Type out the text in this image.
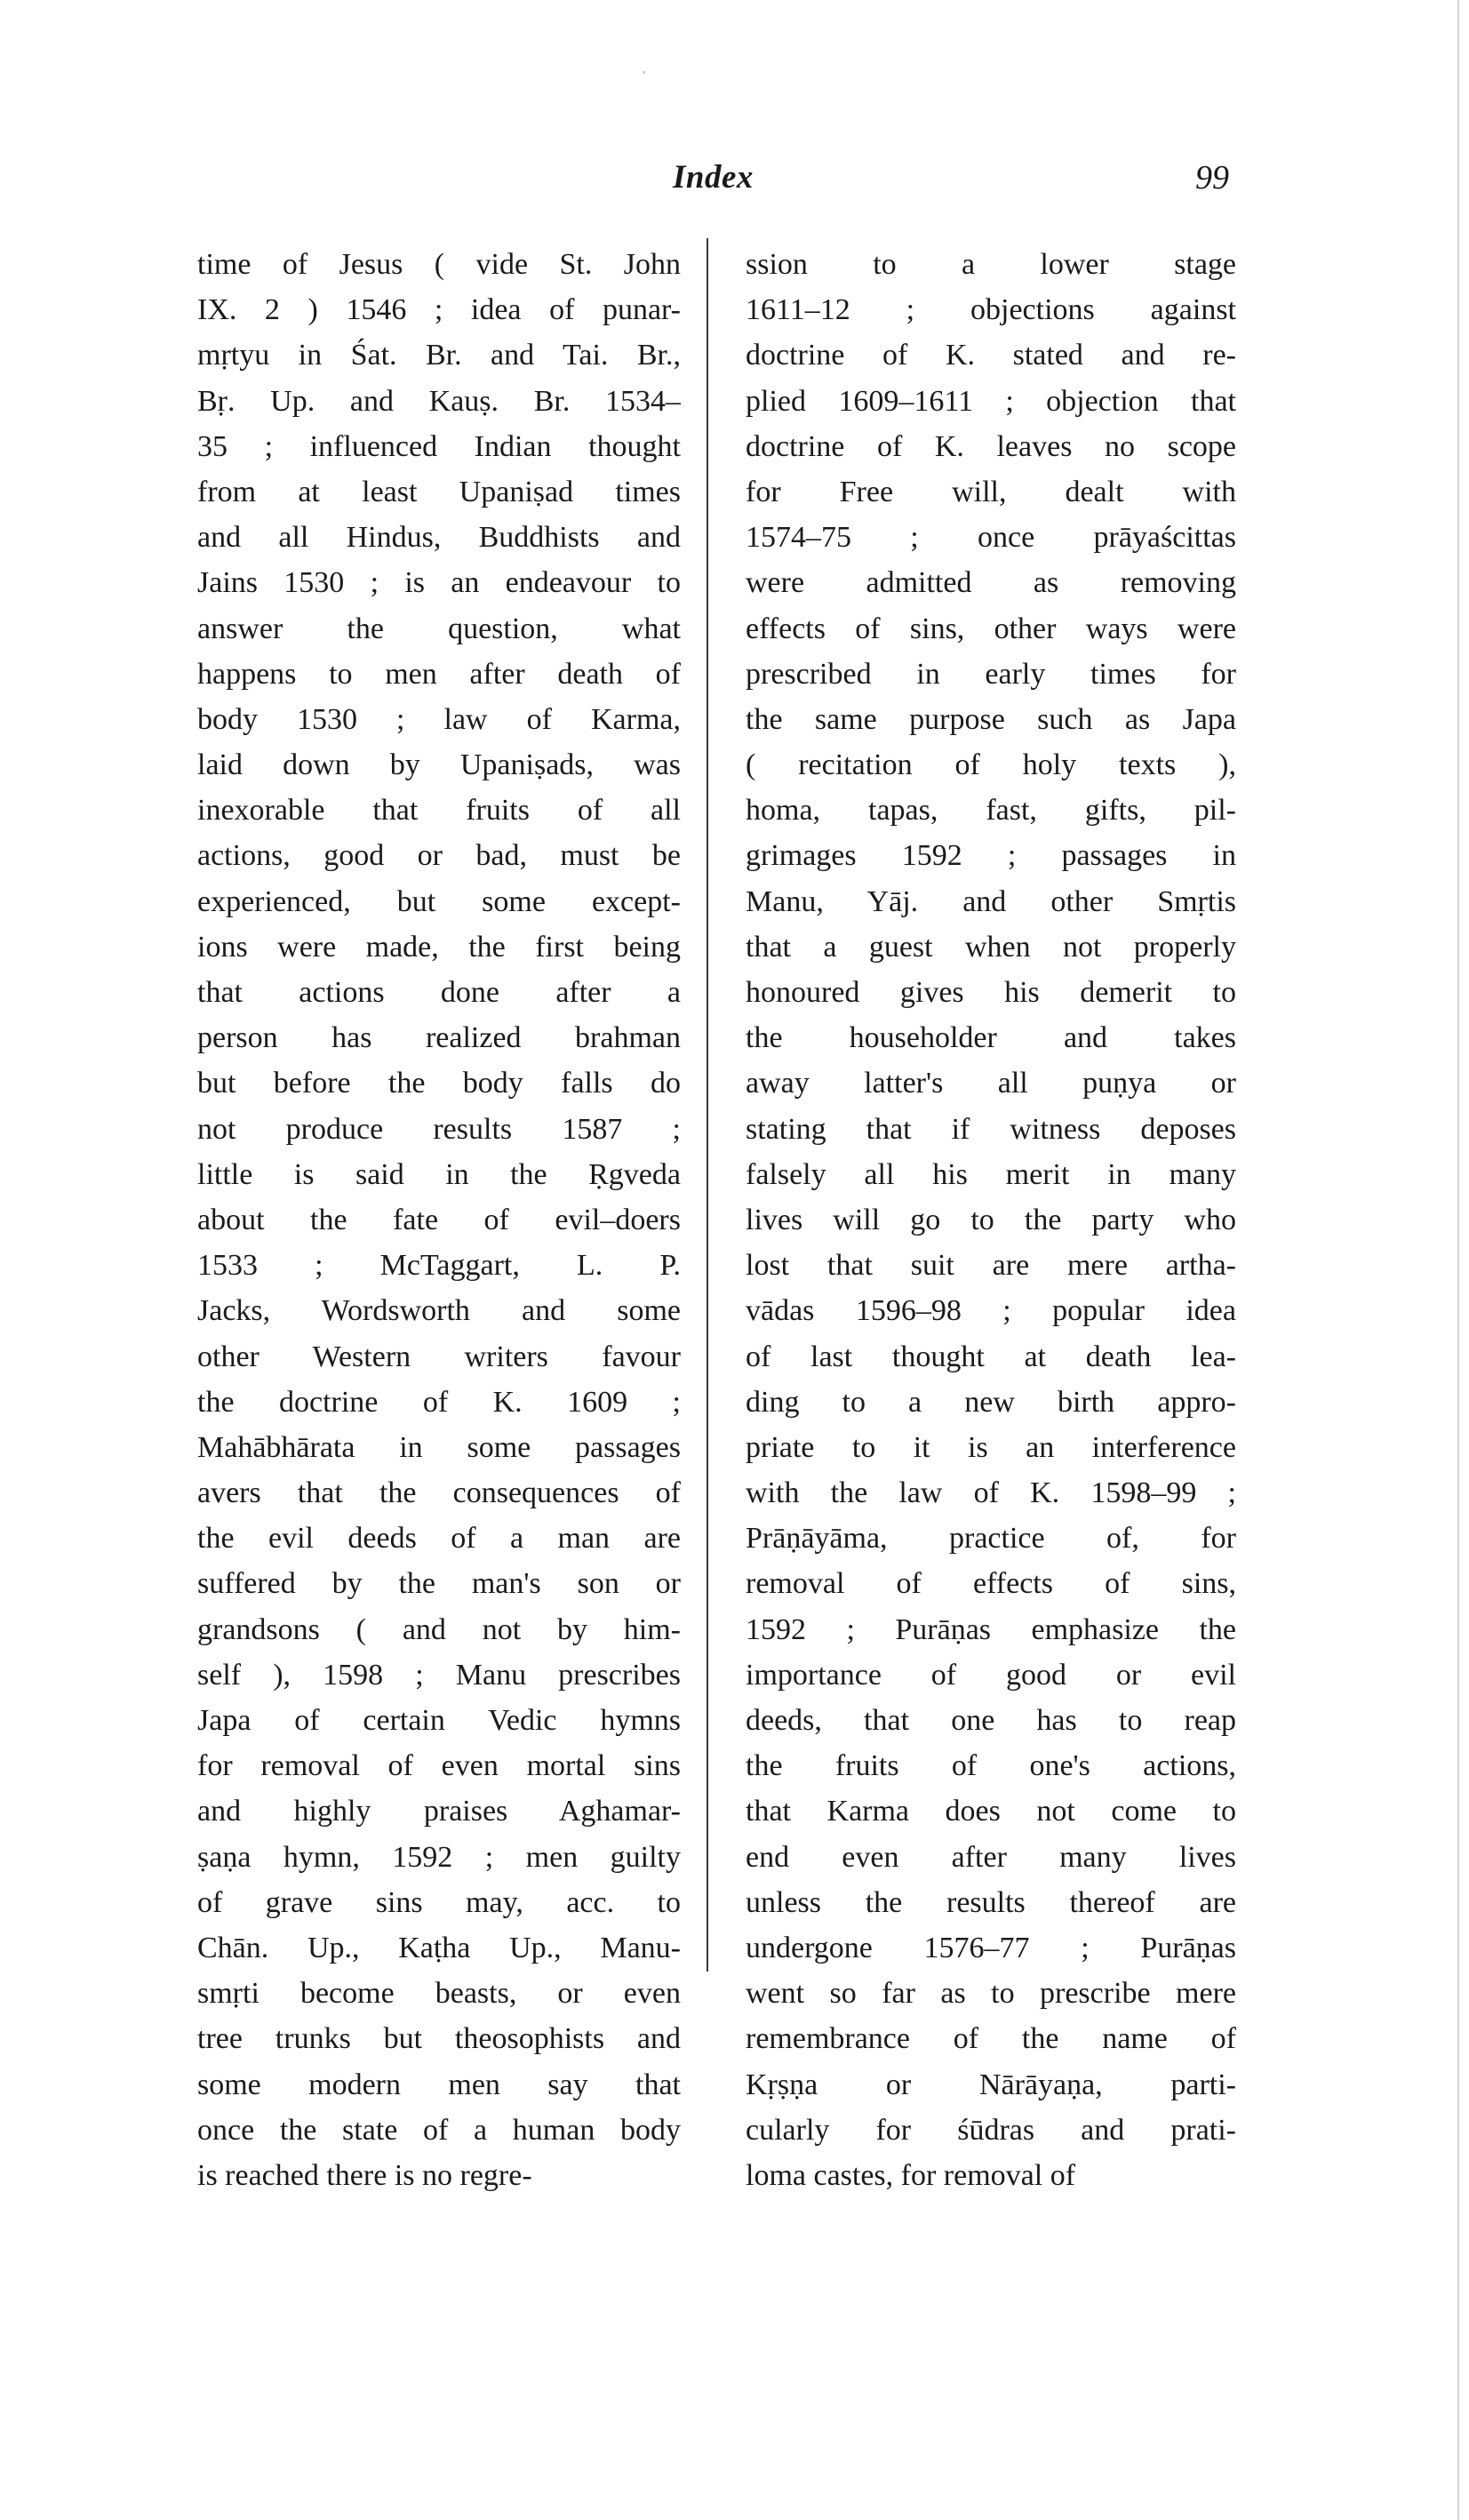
Index	99
time of Jesus ( vide St. John
IX. 2 ) 1546 ; idea of punar-
mṛtyu in Śat. Br. and Tai. Br.,
Bṛ. Up. and Kauṣ. Br. 1534–
35 ; influenced Indian thought
from at least Upaniṣad times
and all Hindus, Buddhists and
Jains 1530 ; is an endeavour to
answer the question, what
happens to men after death of
body 1530 ; law of Karma,
laid down by Upaniṣads, was
inexorable that fruits of all
actions, good or bad, must be
experienced, but some except-
ions were made, the first being
that actions done after a
person has realized brahman
but before the body falls do
not produce results 1587 ;
little is said in the Ṛgveda
about the fate of evil–doers
1533 ; McTaggart, L. P.
Jacks, Wordsworth and some
other Western writers favour
the doctrine of K. 1609 ;
Mahābhārata in some passages
avers that the consequences of
the evil deeds of a man are
suffered by the man's son or
grandsons ( and not by him-
self ), 1598 ; Manu prescribes
Japa of certain Vedic hymns
for removal of even mortal sins
and highly praises Aghamar-
ṣaṇa hymn, 1592 ; men guilty
of grave sins may, acc. to
Chān. Up., Kaṭha Up., Manu-
smṛti become beasts, or even
tree trunks but theosophists and
some modern men say that
once the state of a human body
is reached there is no regre-
ssion to a lower stage
1611–12 ; objections against
doctrine of K. stated and re-
plied 1609–1611 ; objection that
doctrine of K. leaves no scope
for Free will, dealt with
1574–75 ; once prāyaścittas
were admitted as removing
effects of sins, other ways were
prescribed in early times for
the same purpose such as Japa
( recitation of holy texts ),
homa, tapas, fast, gifts, pil-
grimages 1592 ; passages in
Manu, Yāj. and other Smṛtis
that a guest when not properly
honoured gives his demerit to
the householder and takes
away latter's all puṇya or
stating that if witness deposes
falsely all his merit in many
lives will go to the party who
lost that suit are mere artha-
vādas 1596–98 ; popular idea
of last thought at death lea-
ding to a new birth appro-
priate to it is an interference
with the law of K. 1598–99 ;
Prāṇāyāma, practice of, for
removal of effects of sins,
1592 ; Purāṇas emphasize the
importance of good or evil
deeds, that one has to reap
the fruits of one's actions,
that Karma does not come to
end even after many lives
unless the results thereof are
undergone 1576–77 ; Purāṇas
went so far as to prescribe mere
remembrance of the name of
Kṛṣṇa or Nārāyaṇa, parti-
cularly for śūdras and prati-
loma castes, for removal of
